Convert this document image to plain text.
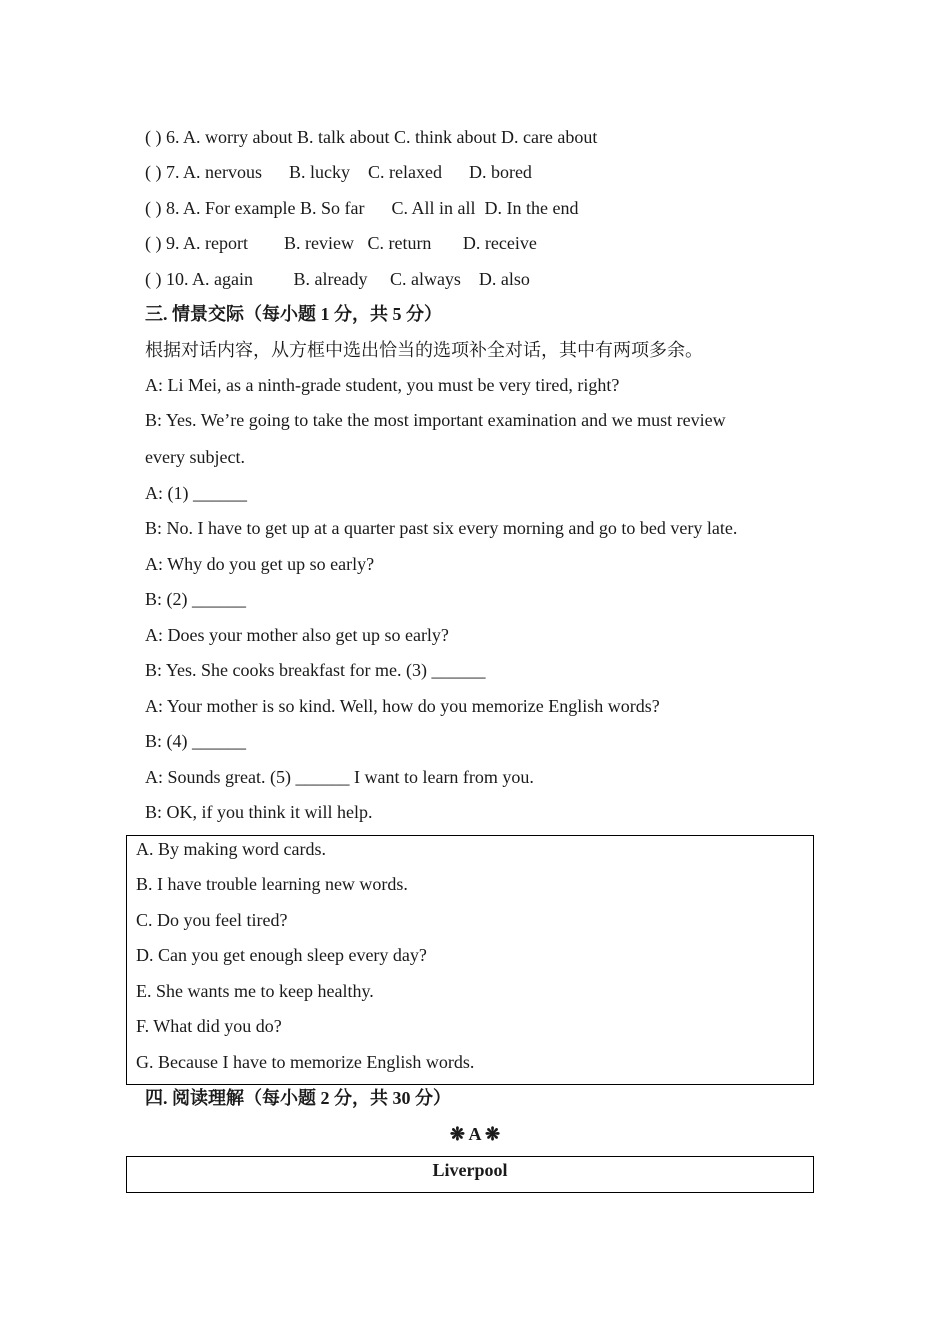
( ) 6. A. worry about B. talk about C. think about D. care about
( ) 7. A. nervous      B. lucky    C. relaxed      D. bored
( ) 8. A. For example B. So far      C. All in all  D. In the end
( ) 9. A. report        B. review   C. return       D. receive
( ) 10. A. again         B. already     C. always    D. also
三. 情景交际（每小题 1 分，共 5 分）
根据对话内容，从方框中选出恰当的选项补全对话，其中有两项多余。
A: Li Mei, as a ninth-grade student, you must be very tired, right?
B: Yes. We’re going to take the most important examination and we must review
every subject.
A: (1) ______
B: No. I have to get up at a quarter past six every morning and go to bed very late.
A: Why do you get up so early?
B: (2) ______
A: Does your mother also get up so early?
B: Yes. She cooks breakfast for me. (3) ______
A: Your mother is so kind. Well, how do you memorize English words?
B: (4) ______
A: Sounds great. (5) ______ I want to learn from you.
B: OK, if you think it will help.
A. By making word cards.
B. I have trouble learning new words.
C. Do you feel tired?
D. Can you get enough sleep every day?
E. She wants me to keep healthy.
F. What did you do?
G. Because I have to memorize English words.
四. 阅读理解（每小题 2 分，共 30 分）
❋ A ❋
Liverpool
